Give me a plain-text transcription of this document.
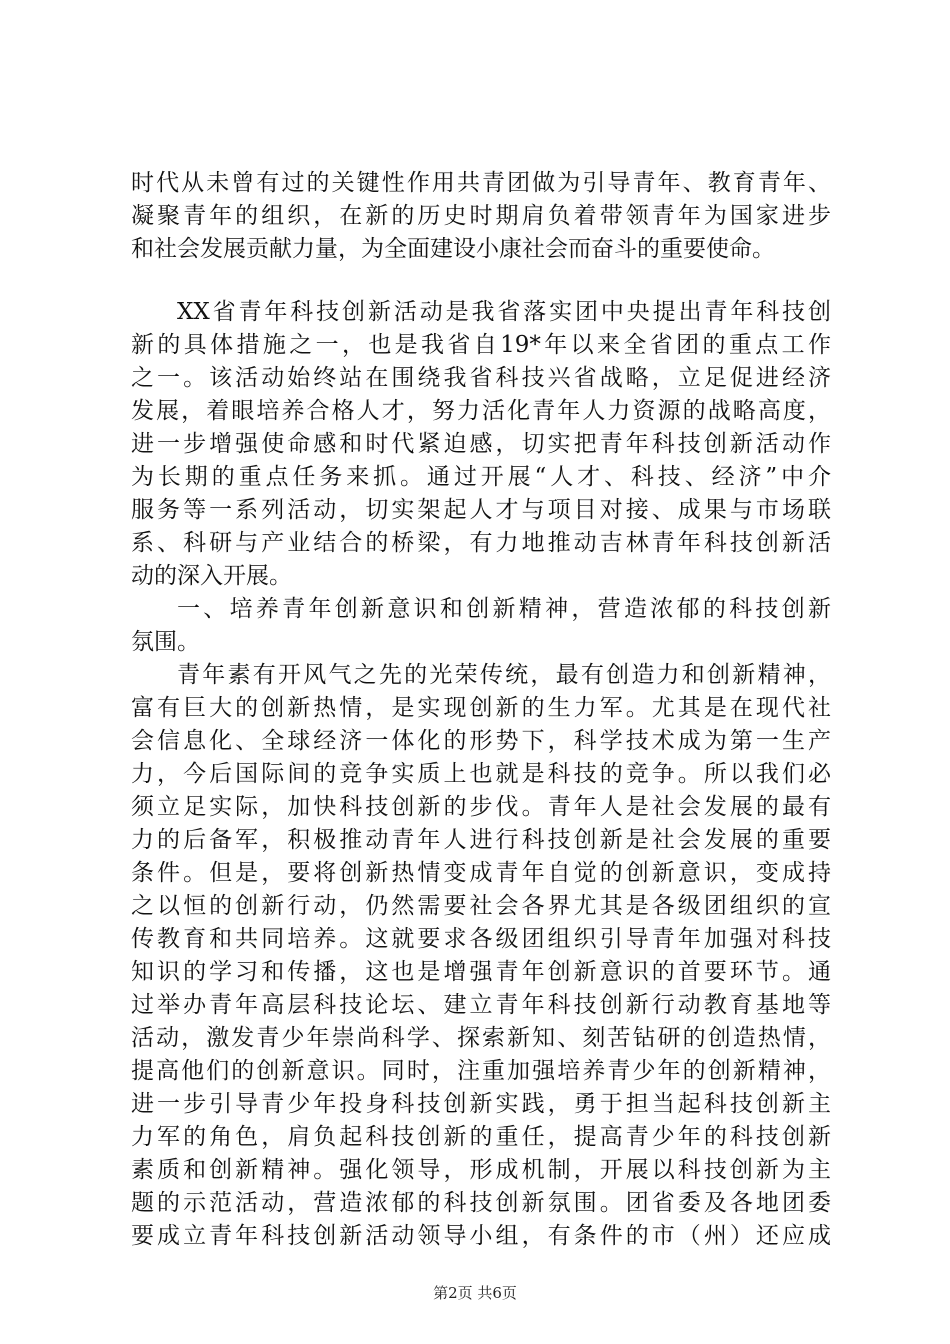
时代从未曾有过的关键性作用共青团做为引导青年、教育青年、
凝聚青年的组织，在新的历史时期肩负着带领青年为国家进步
和社会发展贡献力量，为全面建设小康社会而奋斗的重要使命。
XX省青年科技创新活动是我省落实团中央提出青年科技创
新的具体措施之一，也是我省自19*年以来全省团的重点工作
之一。该活动始终站在围绕我省科技兴省战略，立足促进经济
发展，着眼培养合格人才，努力活化青年人力资源的战略高度，
进一步增强使命感和时代紧迫感，切实把青年科技创新活动作
为长期的重点任务来抓。通过开展“人才、科技、经济”中介
服务等一系列活动，切实架起人才与项目对接、成果与市场联
系、科研与产业结合的桥梁，有力地推动吉林青年科技创新活
动的深入开展。
一、培养青年创新意识和创新精神，营造浓郁的科技创新
氛围。
青年素有开风气之先的光荣传统，最有创造力和创新精神，
富有巨大的创新热情，是实现创新的生力军。尤其是在现代社
会信息化、全球经济一体化的形势下，科学技术成为第一生产
力，今后国际间的竞争实质上也就是科技的竞争。所以我们必
须立足实际，加快科技创新的步伐。青年人是社会发展的最有
力的后备军，积极推动青年人进行科技创新是社会发展的重要
条件。但是，要将创新热情变成青年自觉的创新意识，变成持
之以恒的创新行动，仍然需要社会各界尤其是各级团组织的宣
传教育和共同培养。这就要求各级团组织引导青年加强对科技
知识的学习和传播，这也是增强青年创新意识的首要环节。通
过举办青年高层科技论坛、建立青年科技创新行动教育基地等
活动，激发青少年崇尚科学、探索新知、刻苦钻研的创造热情，
提高他们的创新意识。同时，注重加强培养青少年的创新精神，
进一步引导青少年投身科技创新实践，勇于担当起科技创新主
力军的角色，肩负起科技创新的重任，提高青少年的科技创新
素质和创新精神。强化领导，形成机制，开展以科技创新为主
题的示范活动，营造浓郁的科技创新氛围。团省委及各地团委
要成立青年科技创新活动领导小组，有条件的市（州）还应成
第2页 共6页
